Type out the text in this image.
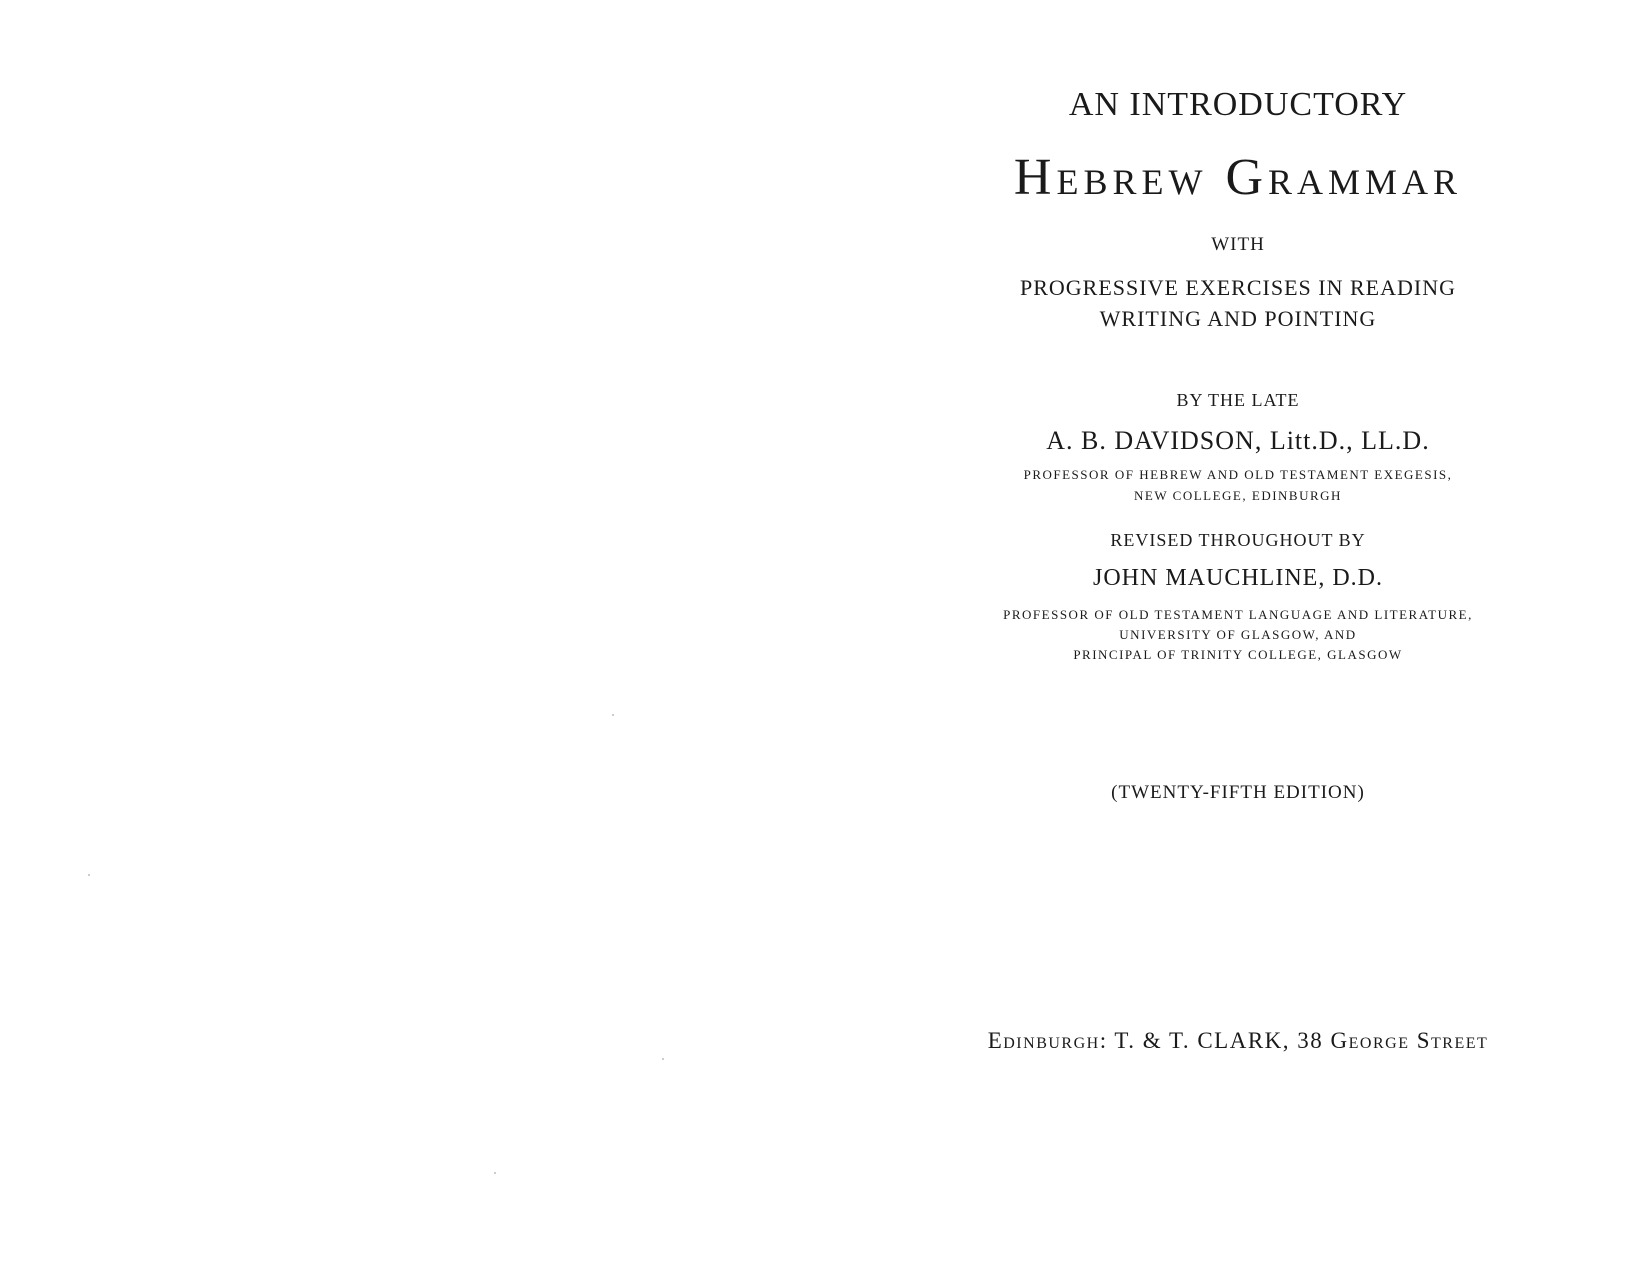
AN INTRODUCTORY
Hebrew Grammar
WITH
PROGRESSIVE EXERCISES IN READING
WRITING AND POINTING
BY THE LATE
A. B. DAVIDSON, Litt.D., LL.D.
PROFESSOR OF HEBREW AND OLD TESTAMENT EXEGESIS,
NEW COLLEGE, EDINBURGH
REVISED THROUGHOUT BY
JOHN MAUCHLINE, D.D.
PROFESSOR OF OLD TESTAMENT LANGUAGE AND LITERATURE,
UNIVERSITY OF GLASGOW, AND
PRINCIPAL OF TRINITY COLLEGE, GLASGOW
(TWENTY-FIFTH EDITION)
Edinburgh: T. & T. CLARK, 38 George Street
